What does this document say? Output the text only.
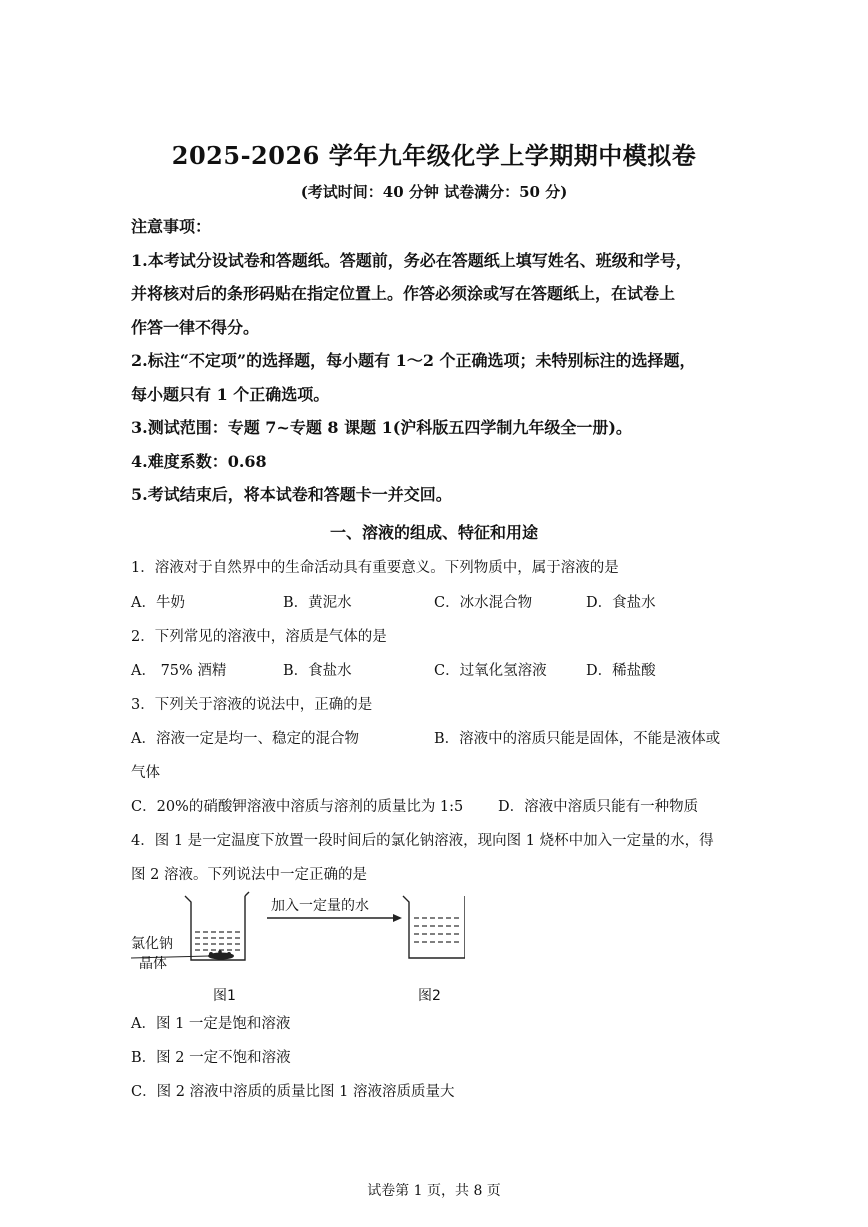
2025-2026 学年九年级化学上学期期中模拟卷
(考试时间：40 分钟 试卷满分：50 分)
注意事项：
1.本考试分设试卷和答题纸。答题前，务必在答题纸上填写姓名、班级和学号，
并将核对后的条形码贴在指定位置上。作答必须涂或写在答题纸上，在试卷上
作答一律不得分。
2.标注“不定项”的选择题，每小题有 1～2 个正确选项；未特别标注的选择题，
每小题只有 1 个正确选项。
3.测试范围：专题 7~专题 8 课题 1(沪科版五四学制九年级全一册)。
4.难度系数：0.68
5.考试结束后，将本试卷和答题卡一并交回。
一、溶液的组成、特征和用途
1．溶液对于自然界中的生命活动具有重要意义。下列物质中，属于溶液的是
A．牛奶	B．黄泥水	C．冰水混合物	D．食盐水
2．下列常见的溶液中，溶质是气体的是
A． 75% 酒精	B．食盐水	C．过氧化氢溶液	D．稀盐酸
3．下列关于溶液的说法中，正确的是
A．溶液一定是均一、稳定的混合物	B．溶液中的溶质只能是固体，不能是液体或
气体
C．20%的硝酸钾溶液中溶质与溶剂的质量比为 1:5 D．溶液中溶质只能有一种物质
4．图 1 是一定温度下放置一段时间后的氯化钠溶液，现向图 1 烧杯中加入一定量的水，得
图 2 溶液。下列说法中一定正确的是
加入一定量的水
氯化钠
晶体
图1	图2
A．图 1 一定是饱和溶液
B．图 2 一定不饱和溶液
C．图 2 溶液中溶质的质量比图 1 溶液溶质质量大
试卷第 1 页，共 8 页
